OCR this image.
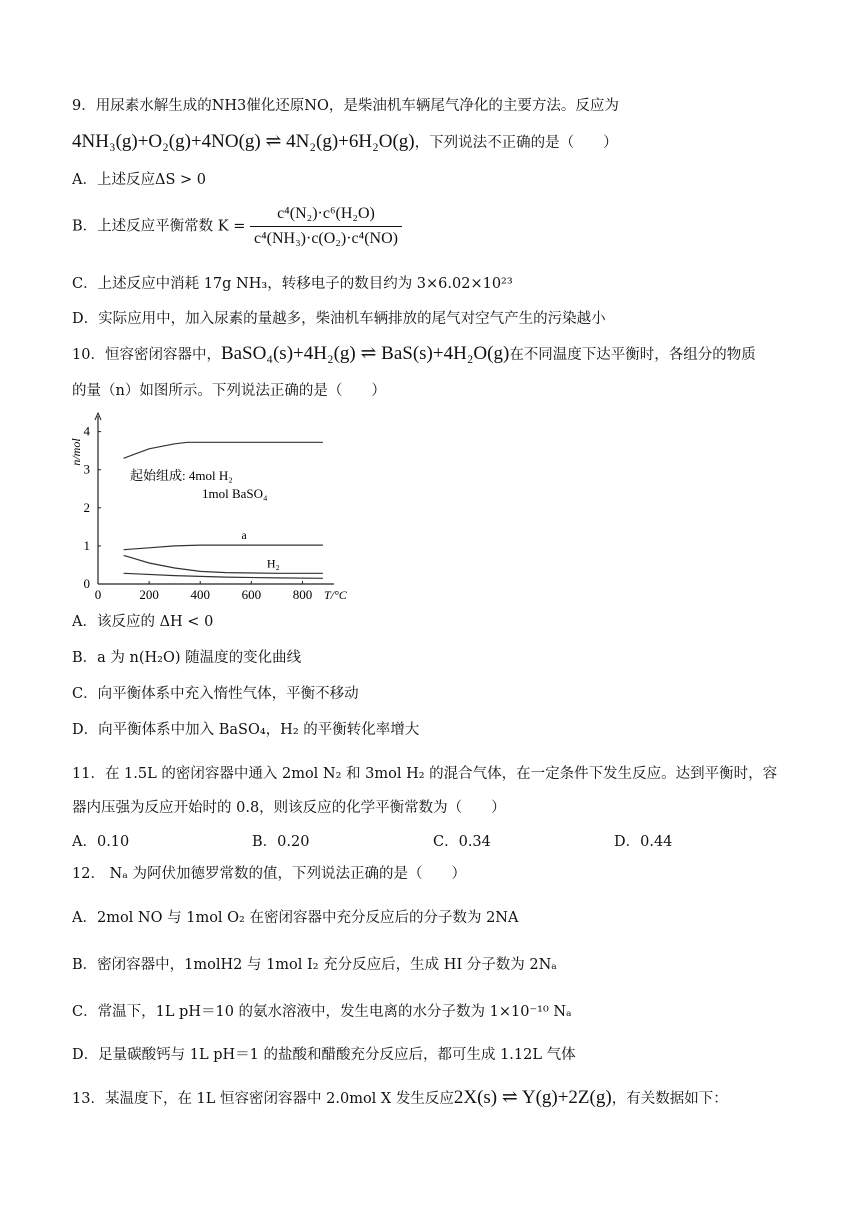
9．用尿素水解生成的NH3催化还原NO，是柴油机车辆尾气净化的主要方法。反应为
4NH₃(g)+O₂(g)+4NO(g) ⇌ 4N₂(g)+6H₂O(g)，下列说法不正确的是（　　）
A．上述反应ΔS > 0
B．上述反应平衡常数 $K = \frac{\text{c⁴(N₂)·c⁶(H₂O)}}{\text{c⁴(NH₃)·c(O₂)·c⁴(NO)}}$
C．上述反应中消耗 17g NH₃，转移电子的数目约为 3×6.02×10²³
D．实际应用中，加入尿素的量越多，柴油机车辆排放的尾气对空气产生的污染越小
10．恒容密闭容器中，BaSO₄(s)+4H₂(g) ⇌ BaS(s)+4H₂O(g)在不同温度下达平衡时，各组分的物质
的量（n）如图所示。下列说法正确的是（　　）
0	200 400 600 800
0
1
2
3
4
n/mol
T/°C
a
H₂
起始组成: 4mol H₂
1mol BaSO₄
A．该反应的 ΔH < 0
B．a 为 n(H₂O) 随温度的变化曲线
C．向平衡体系中充入惰性气体，平衡不移动
D．向平衡体系中加入 BaSO₄，H₂ 的平衡转化率增大
11．在 1.5L 的密闭容器中通入 2mol N₂ 和 3mol H₂ 的混合气体，在一定条件下发生反应。达到平衡时，容
器内压强为反应开始时的 0.8，则该反应的化学平衡常数为（　　）
A．0.10	B．0.20	C．0.34	D．0.44
12． Nₐ 为阿伏加德罗常数的值，下列说法正确的是（　　）
A．2mol NO 与 1mol O₂ 在密闭容器中充分反应后的分子数为 2NA
B．密闭容器中，1molH2 与 1mol I₂ 充分反应后，生成 HI 分子数为 2Nₐ
C．常温下，1L pH＝10 的氨水溶液中，发生电离的水分子数为 1×10⁻¹⁰ Nₐ
D．足量碳酸钙与 1L pH＝1 的盐酸和醋酸充分反应后，都可生成 1.12L 气体
13．某温度下，在 1L 恒容密闭容器中 2.0mol X 发生反应2X(s) ⇌ Y(g)+2Z(g)，有关数据如下：
